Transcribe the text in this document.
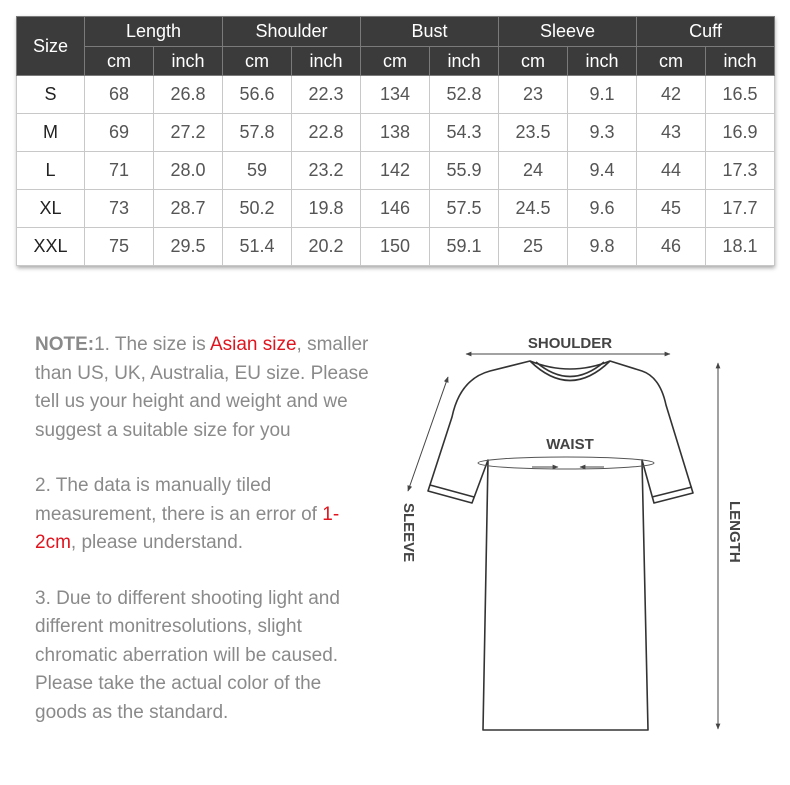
Size	Length		Shoulder		Bust		Sleeve		Cuff	
	cm	inch	cm	inch	cm	inch	cm	inch	cm	inch
S	68	26.8	56.6	22.3	134	52.8	23	9.1	42	16.5
M	69	27.2	57.8	22.8	138	54.3	23.5	9.3	43	16.9
L	71	28.0	59	23.2	142	55.9	24	9.4	44	17.3
XL	73	28.7	50.2	19.8	146	57.5	24.5	9.6	45	17.7
XXL	75	29.5	51.4	20.2	150	59.1	25	9.8	46	18.1

NOTE:1. The size is Asian size, smaller than US, UK, Australia, EU size. Please tell us your height and weight and we suggest a suitable size for you

2. The data is manually tiled measurement, there is an error of 1-2cm, please understand.

3. Due to different shooting light and different monitresolutions, slight chromatic aberration will be caused. Please take the actual color of the goods as the standard.

SHOULDER
WAIST
SLEEVE	LENGTH
